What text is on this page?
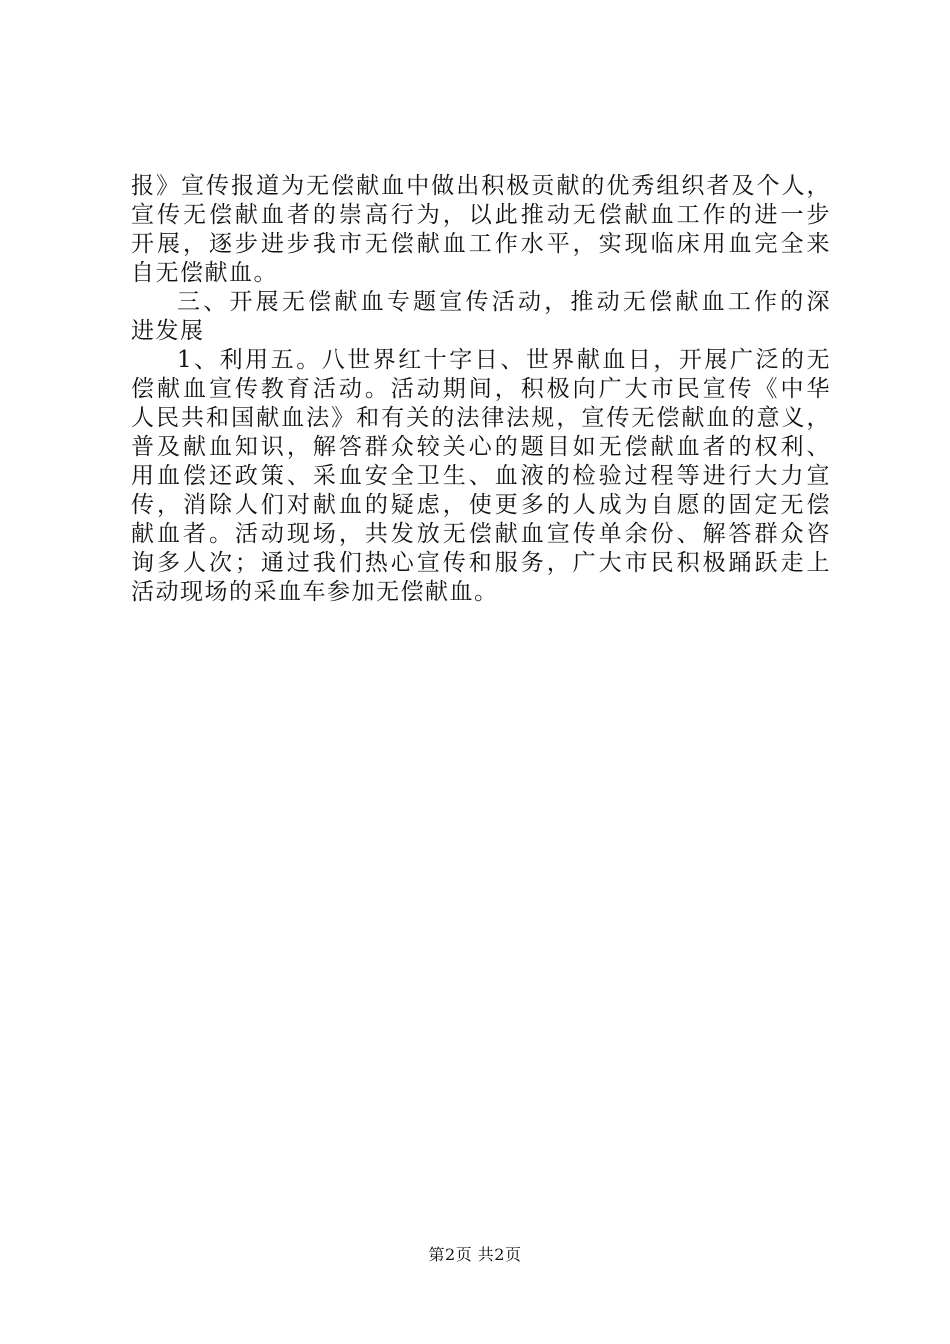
报》宣传报道为无偿献血中做出积极贡献的优秀组织者及个人，
宣传无偿献血者的崇高行为，以此推动无偿献血工作的进一步
开展，逐步进步我市无偿献血工作水平，实现临床用血完全来
自无偿献血。
三、开展无偿献血专题宣传活动，推动无偿献血工作的深
进发展
1、利用五。八世界红十字日、世界献血日，开展广泛的无
偿献血宣传教育活动。活动期间，积极向广大市民宣传《中华
人民共和国献血法》和有关的法律法规，宣传无偿献血的意义，
普及献血知识，解答群众较关心的题目如无偿献血者的权利、
用血偿还政策、采血安全卫生、血液的检验过程等进行大力宣
传，消除人们对献血的疑虑，使更多的人成为自愿的固定无偿
献血者。活动现场，共发放无偿献血宣传单余份、解答群众咨
询多人次；通过我们热心宣传和服务，广大市民积极踊跃走上
活动现场的采血车参加无偿献血。
第2页 共2页
